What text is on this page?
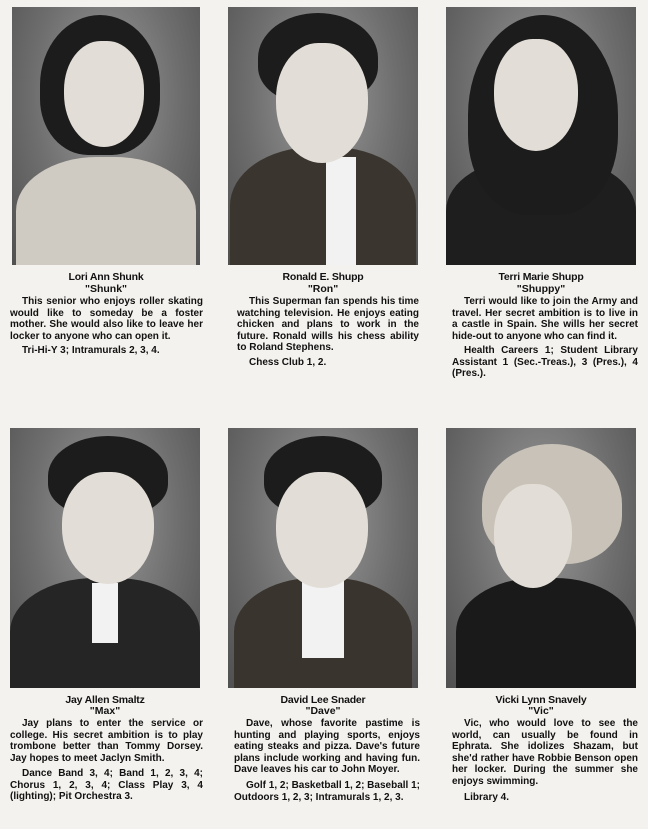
Lori Ann Shunk
"Shunk"

This senior who enjoys roller skating would like to someday be a foster mother. She would also like to leave her locker to anyone who can open it.

Tri-Hi-Y 3; Intramurals 2, 3, 4.

Ronald E. Shupp
"Ron"

This Superman fan spends his time watching television. He enjoys eating chicken and plans to work in the future. Ronald wills his chess ability to Roland Stephens.

Chess Club 1, 2.

Terri Marie Shupp
"Shuppy"

Terri would like to join the Army and travel. Her secret ambition is to live in a castle in Spain. She wills her secret hide-out to anyone who can find it.

Health Careers 1; Student Library Assistant 1 (Sec.-Treas.), 3 (Pres.), 4 (Pres.).

Jay Allen Smaltz
"Max"

Jay plans to enter the service or college. His secret ambition is to play trombone better than Tommy Dorsey. Jay hopes to meet Jaclyn Smith.

Dance Band 3, 4; Band 1, 2, 3, 4; Chorus 1, 2, 3, 4; Class Play 3, 4 (lighting); Pit Orchestra 3.

David Lee Snader
"Dave"

Dave, whose favorite pastime is hunting and playing sports, enjoys eating steaks and pizza. Dave's future plans include working and having fun. Dave leaves his car to John Moyer.

Golf 1, 2; Basketball 1, 2; Baseball 1; Outdoors 1, 2, 3; Intramurals 1, 2, 3.

Vicki Lynn Snavely
"Vic"

Vic, who would love to see the world, can usually be found in Ephrata. She idolizes Shazam, but she'd rather have Robbie Benson open her locker. During the summer she enjoys swimming.

Library 4.
